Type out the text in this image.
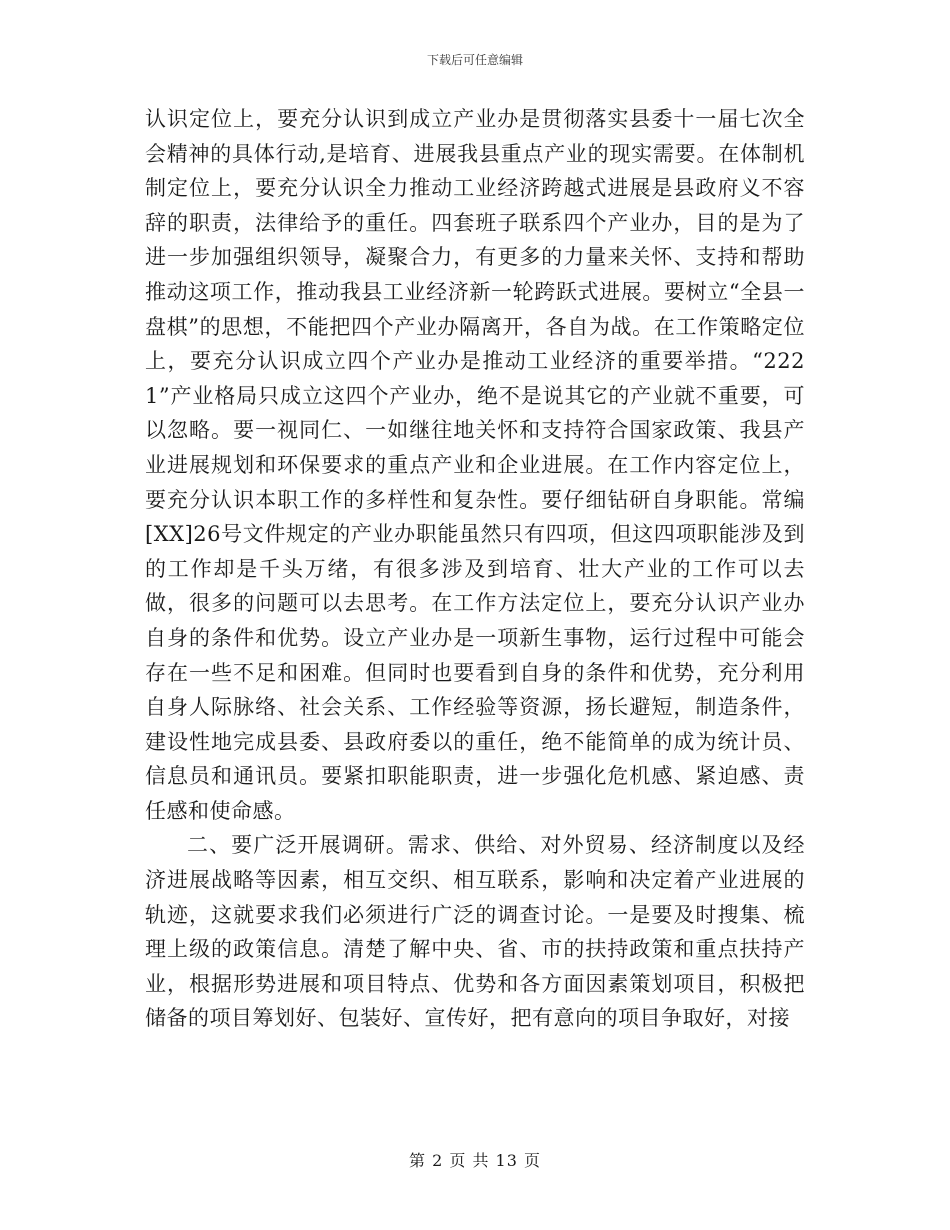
下载后可任意编辑

认识定位上，要充分认识到成立产业办是贯彻落实县委十一届七次全会精神的具体行动,是培育、进展我县重点产业的现实需要。在体制机制定位上，要充分认识全力推动工业经济跨越式进展是县政府义不容辞的职责，法律给予的重任。四套班子联系四个产业办，目的是为了进一步加强组织领导，凝聚合力，有更多的力量来关怀、支持和帮助推动这项工作，推动我县工业经济新一轮跨跃式进展。要树立“全县一盘棋”的思想，不能把四个产业办隔离开，各自为战。在工作策略定位上，要充分认识成立四个产业办是推动工业经济的重要举措。“2221”产业格局只成立这四个产业办，绝不是说其它的产业就不重要，可以忽略。要一视同仁、一如继往地关怀和支持符合国家政策、我县产业进展规划和环保要求的重点产业和企业进展。在工作内容定位上，要充分认识本职工作的多样性和复杂性。要仔细钻研自身职能。常编[XX]26号文件规定的产业办职能虽然只有四项，但这四项职能涉及到的工作却是千头万绪，有很多涉及到培育、壮大产业的工作可以去做，很多的问题可以去思考。在工作方法定位上，要充分认识产业办自身的条件和优势。设立产业办是一项新生事物，运行过程中可能会存在一些不足和困难。但同时也要看到自身的条件和优势，充分利用自身人际脉络、社会关系、工作经验等资源，扬长避短，制造条件，建设性地完成县委、县政府委以的重任，绝不能简单的成为统计员、信息员和通讯员。要紧扣职能职责，进一步强化危机感、紧迫感、责任感和使命感。

二、要广泛开展调研。需求、供给、对外贸易、经济制度以及经济进展战略等因素，相互交织、相互联系，影响和决定着产业进展的轨迹，这就要求我们必须进行广泛的调查讨论。一是要及时搜集、梳理上级的政策信息。清楚了解中央、省、市的扶持政策和重点扶持产业，根据形势进展和项目特点、优势和各方面因素策划项目，积极把储备的项目筹划好、包装好、宣传好，把有意向的项目争取好，对接

第 2 页 共 13 页
